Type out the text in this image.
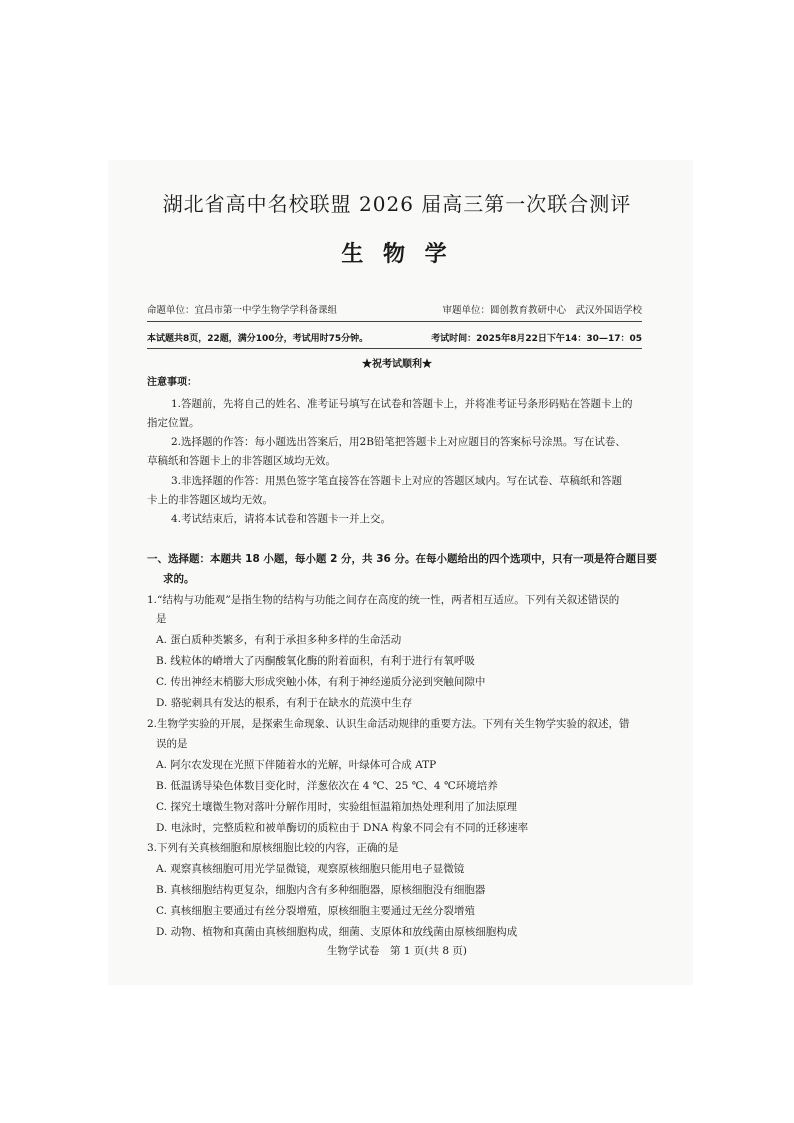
湖北省高中名校联盟 2026 届高三第一次联合测评
生 物 学
命题单位：宜昌市第一中学生物学学科备课组	审题单位：圆创教育教研中心　武汉外国语学校
本试题共8页，22题，满分100分，考试用时75分钟。	考试时间：2025年8月22日下午14：30—17：05
★祝考试顺利★
注意事项：
1.答题前，先将自己的姓名、准考证号填写在试卷和答题卡上，并将准考证号条形码贴在答题卡上的
指定位置。
2.选择题的作答：每小题选出答案后，用2B铅笔把答题卡上对应题目的答案标号涂黑。写在试卷、
草稿纸和答题卡上的非答题区域均无效。
3.非选择题的作答：用黑色签字笔直接答在答题卡上对应的答题区域内。写在试卷、草稿纸和答题
卡上的非答题区域均无效。
4.考试结束后，请将本试卷和答题卡一并上交。
一、选择题：本题共 18 小题，每小题 2 分，共 36 分。在每小题给出的四个选项中，只有一项是符合题目要
求的。
1.“结构与功能观”是指生物的结构与功能之间存在高度的统一性，两者相互适应。下列有关叙述错误的
是
A. 蛋白质种类繁多，有利于承担多种多样的生命活动
B. 线粒体的嵴增大了丙酮酸氧化酶的附着面积，有利于进行有氧呼吸
C. 传出神经末梢膨大形成突触小体，有利于神经递质分泌到突触间隙中
D. 骆驼刺具有发达的根系，有利于在缺水的荒漠中生存
2.生物学实验的开展，是探索生命现象、认识生命活动规律的重要方法。下列有关生物学实验的叙述，错
误的是
A. 阿尔农发现在光照下伴随着水的光解，叶绿体可合成 ATP
B. 低温诱导染色体数目变化时，洋葱依次在 4 ℃、25 ℃、4 ℃环境培养
C. 探究土壤微生物对落叶分解作用时，实验组恒温箱加热处理利用了加法原理
D. 电泳时，完整质粒和被单酶切的质粒由于 DNA 构象不同会有不同的迁移速率
3.下列有关真核细胞和原核细胞比较的内容，正确的是
A. 观察真核细胞可用光学显微镜，观察原核细胞只能用电子显微镜
B. 真核细胞结构更复杂，细胞内含有多种细胞器，原核细胞没有细胞器
C. 真核细胞主要通过有丝分裂增殖，原核细胞主要通过无丝分裂增殖
D. 动物、植物和真菌由真核细胞构成，细菌、支原体和放线菌由原核细胞构成
生物学试卷　第 1 页(共 8 页)
